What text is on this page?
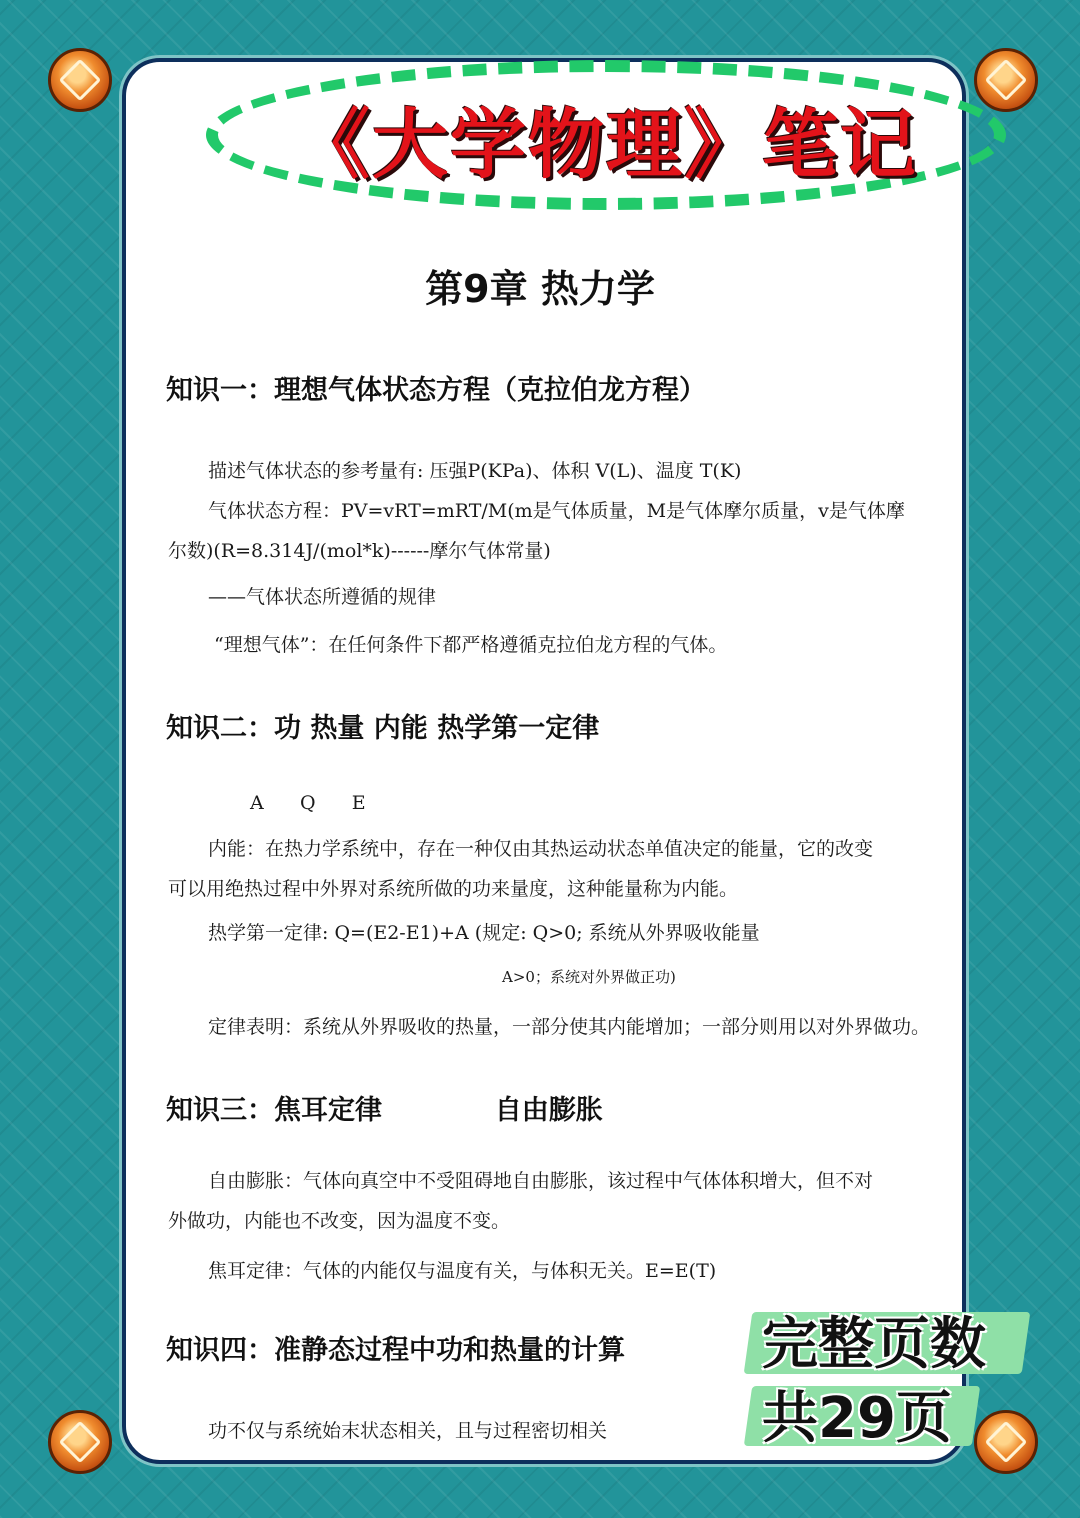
《大学物理》笔记
第9章 热力学
知识一：理想气体状态方程（克拉伯龙方程）
描述气体状态的参考量有: 压强P(KPa)、体积 V(L)、温度 T(K)
气体状态方程：PV=vRT=mRT/M(m是气体质量，M是气体摩尔质量，v是气体摩
尔数)(R=8.314J/(mol*k)------摩尔气体常量)
——气体状态所遵循的规律
“理想气体”：在任何条件下都严格遵循克拉伯龙方程的气体。
知识二：功 热量 内能 热学第一定律
A      Q      E
内能：在热力学系统中，存在一种仅由其热运动状态单值决定的能量，它的改变
可以用绝热过程中外界对系统所做的功来量度，这种能量称为内能。
热学第一定律: Q=(E2-E1)+A (规定: Q>0; 系统从外界吸收能量
A>0；系统对外界做正功)
定律表明：系统从外界吸收的热量，一部分使其内能增加；一部分则用以对外界做功。
知识三：焦耳定律            自由膨胀
自由膨胀：气体向真空中不受阻碍地自由膨胀，该过程中气体体积增大，但不对
外做功，内能也不改变，因为温度不变。
焦耳定律：气体的内能仅与温度有关，与体积无关。E=E(T)
知识四：准静态过程中功和热量的计算
功不仅与系统始末状态相关，且与过程密切相关
完整页数
共29页
